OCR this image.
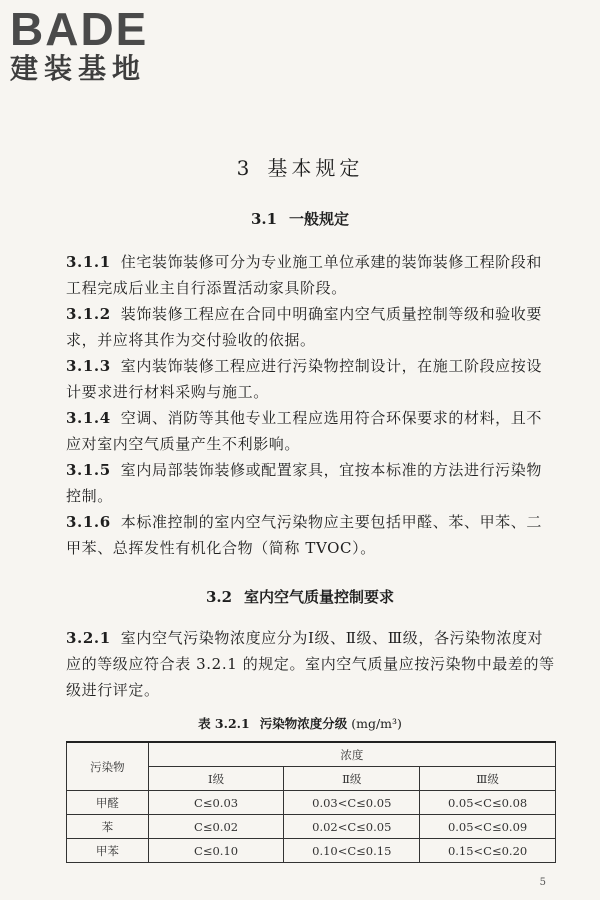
BADE
建装基地
3 基本规定
3.1 一般规定
3.1.1 住宅装饰装修可分为专业施工单位承建的装饰装修工程阶段和工程完成后业主自行添置活动家具阶段。
3.1.2 装饰装修工程应在合同中明确室内空气质量控制等级和验收要求，并应将其作为交付验收的依据。
3.1.3 室内装饰装修工程应进行污染物控制设计，在施工阶段应按设计要求进行材料采购与施工。
3.1.4 空调、消防等其他专业工程应选用符合环保要求的材料，且不应对室内空气质量产生不利影响。
3.1.5 室内局部装饰装修或配置家具，宜按本标准的方法进行污染物控制。
3.1.6 本标准控制的室内空气污染物应主要包括甲醛、苯、甲苯、二甲苯、总挥发性有机化合物（简称 TVOC）。
3.2 室内空气质量控制要求
3.2.1 室内空气污染物浓度应分为Ⅰ级、Ⅱ级、Ⅲ级，各污染物浓度对应的等级应符合表 3.2.1 的规定。室内空气质量应按污染物中最差的等级进行评定。
表 3.2.1 污染物浓度分级 (mg/m³)
污染物	浓度		
	Ⅰ级	Ⅱ级	Ⅲ级
甲醛	C≤0.03	0.03<C≤0.05	0.05<C≤0.08
苯	C≤0.02	0.02<C≤0.05	0.05<C≤0.09
甲苯	C≤0.10	0.10<C≤0.15	0.15<C≤0.20
5
